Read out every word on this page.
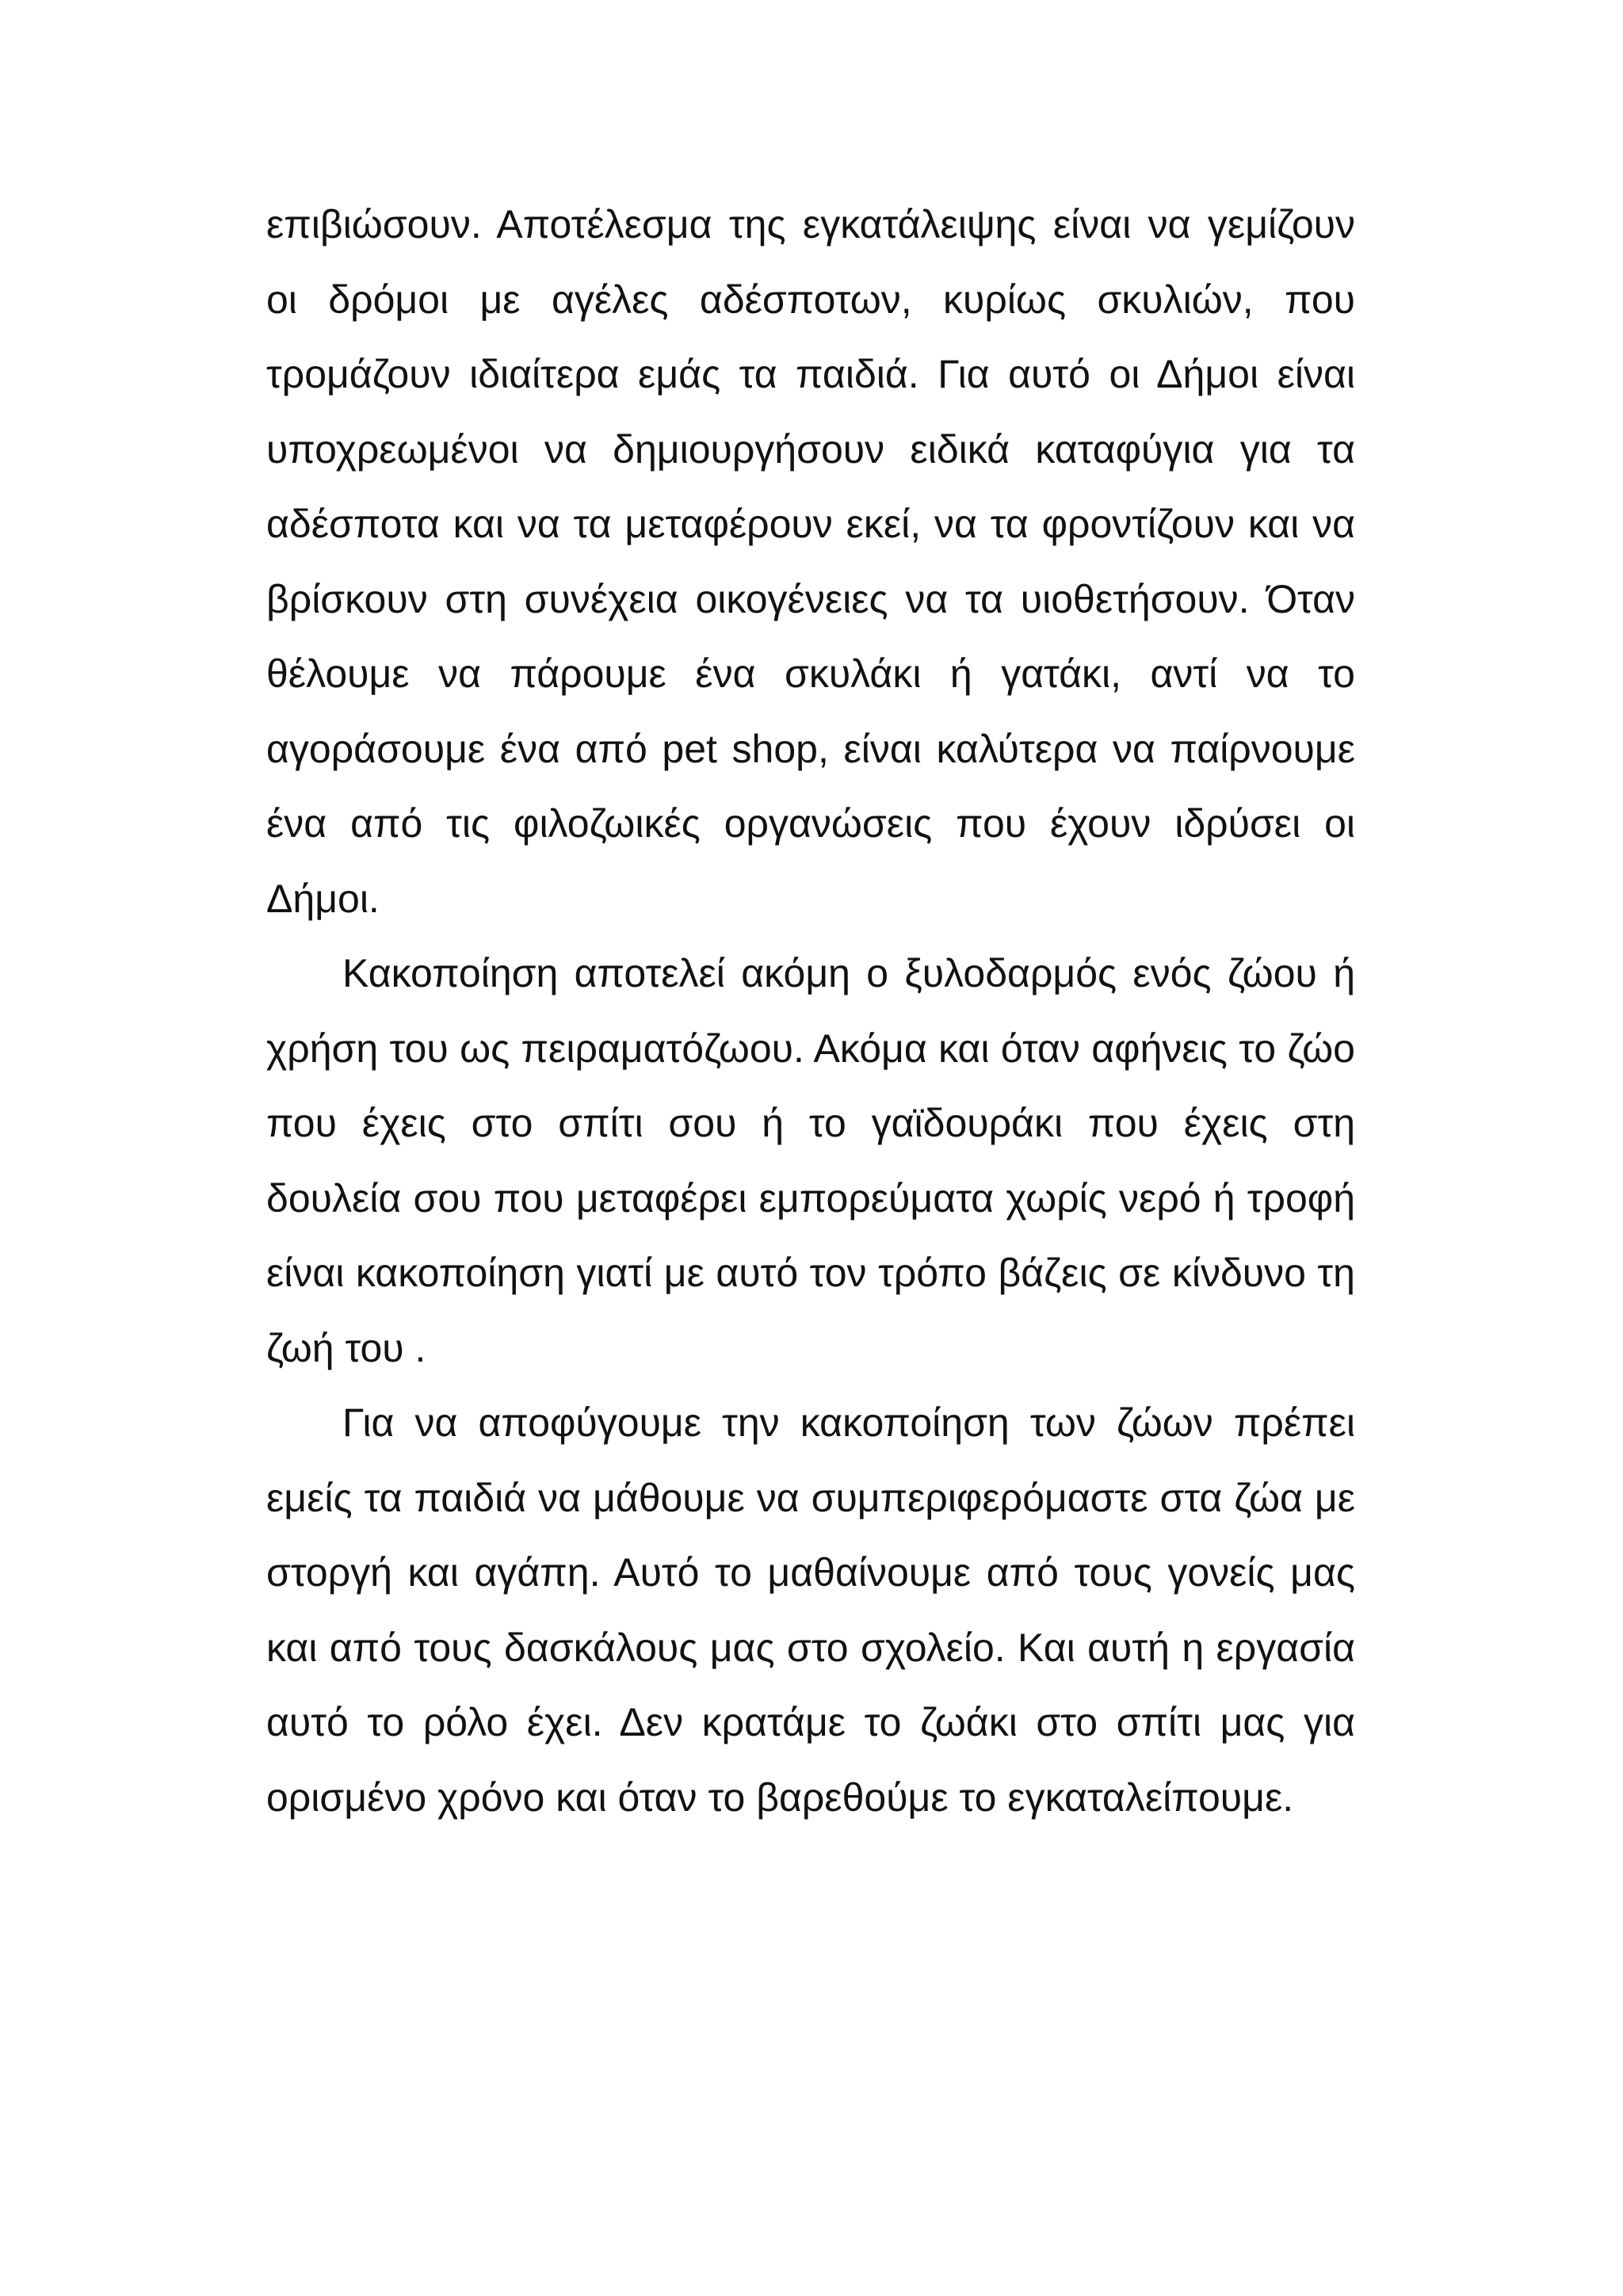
επιβιώσουν. Αποτέλεσμα της εγκατάλειψης είναι να γεμίζουν οι δρόμοι με αγέλες αδέσποτων, κυρίως σκυλιών, που τρομάζουν ιδιαίτερα εμάς τα παιδιά. Για αυτό οι Δήμοι είναι υποχρεωμένοι να δημιουργήσουν ειδικά καταφύγια για τα αδέσποτα και να τα μεταφέρουν εκεί, να τα φροντίζουν και να βρίσκουν στη συνέχεια οικογένειες να τα υιοθετήσουν. Όταν θέλουμε να πάρουμε ένα σκυλάκι ή γατάκι, αντί να το αγοράσουμε ένα από pet shop, είναι καλύτερα να παίρνουμε ένα από τις φιλοζωικές οργανώσεις που έχουν ιδρύσει οι Δήμοι.

Κακοποίηση αποτελεί ακόμη ο ξυλοδαρμός ενός ζώου ή χρήση του ως πειραματόζωου. Ακόμα και όταν αφήνεις το ζώο που έχεις στο σπίτι σου ή το γαϊδουράκι που έχεις στη δουλεία σου που μεταφέρει εμπορεύματα χωρίς νερό ή τροφή είναι κακοποίηση γιατί με αυτό τον τρόπο βάζεις σε κίνδυνο τη ζωή του .

Για να αποφύγουμε την κακοποίηση των ζώων πρέπει εμείς τα παιδιά να μάθουμε να συμπεριφερόμαστε στα ζώα με στοργή και αγάπη. Αυτό το μαθαίνουμε από τους γονείς μας και από τους δασκάλους μας στο σχολείο. Και αυτή η εργασία αυτό το ρόλο έχει. Δεν κρατάμε το ζωάκι στο σπίτι μας για ορισμένο χρόνο και όταν το βαρεθούμε το εγκαταλείπουμε.
